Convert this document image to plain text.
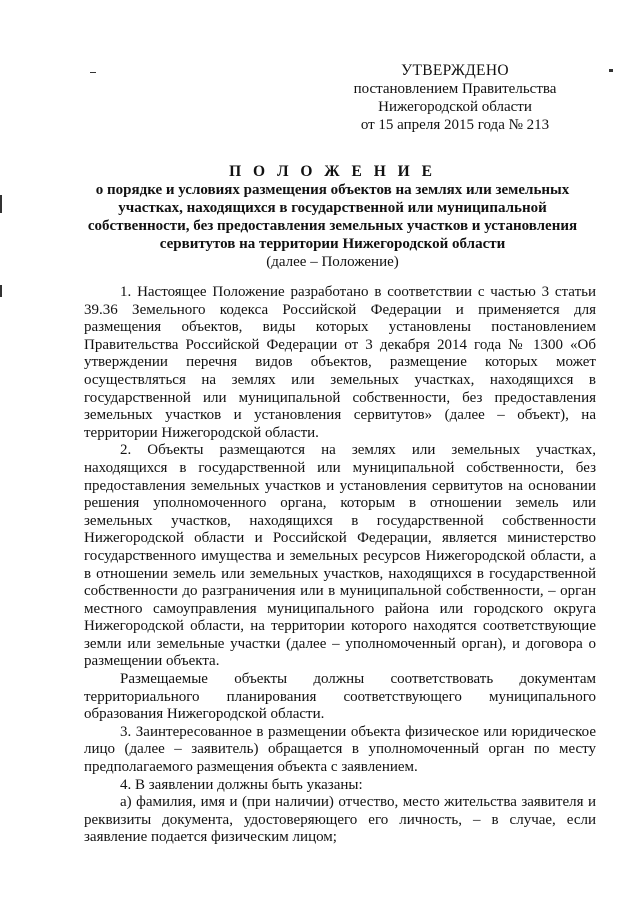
УТВЕРЖДЕНО
постановлением Правительства
Нижегородской области
от 15 апреля 2015 года № 213
П О Л О Ж Е Н И Е
о порядке и условиях размещения объектов на землях или земельных участках, находящихся в государственной или муниципальной собственности, без предоставления земельных участков и установления сервитутов на территории Нижегородской области
(далее – Положение)

1. Настоящее Положение разработано в соответствии с частью 3 статьи 39.36 Земельного кодекса Российской Федерации и применяется для размещения объектов, виды которых установлены постановлением Правительства Российской Федерации от 3 декабря 2014 года № 1300 «Об утверждении перечня видов объектов, размещение которых может осуществляться на землях или земельных участках, находящихся в государственной или муниципальной собственности, без предоставления земельных участков и установления сервитутов» (далее – объект), на территории Нижегородской области.

2. Объекты размещаются на землях или земельных участках, находящихся в государственной или муниципальной собственности, без предоставления земельных участков и установления сервитутов на основании решения уполномоченного органа, которым в отношении земель или земельных участков, находящихся в государственной собственности Нижегородской области и Российской Федерации, является министерство государственного имущества и земельных ресурсов Нижегородской области, а в отношении земель или земельных участков, находящихся в государственной собственности до разграничения или в муниципальной собственности, – орган местного самоуправления муниципального района или городского округа Нижегородской области, на территории которого находятся соответствующие земли или земельные участки (далее – уполномоченный орган), и договора о размещении объекта.

Размещаемые объекты должны соответствовать документам территориального планирования соответствующего муниципального образования Нижегородской области.

3. Заинтересованное в размещении объекта физическое или юридическое лицо (далее – заявитель) обращается в уполномоченный орган по месту предполагаемого размещения объекта с заявлением.

4. В заявлении должны быть указаны:

а) фамилия, имя и (при наличии) отчество, место жительства заявителя и реквизиты документа, удостоверяющего его личность, – в случае, если заявление подается физическим лицом;
